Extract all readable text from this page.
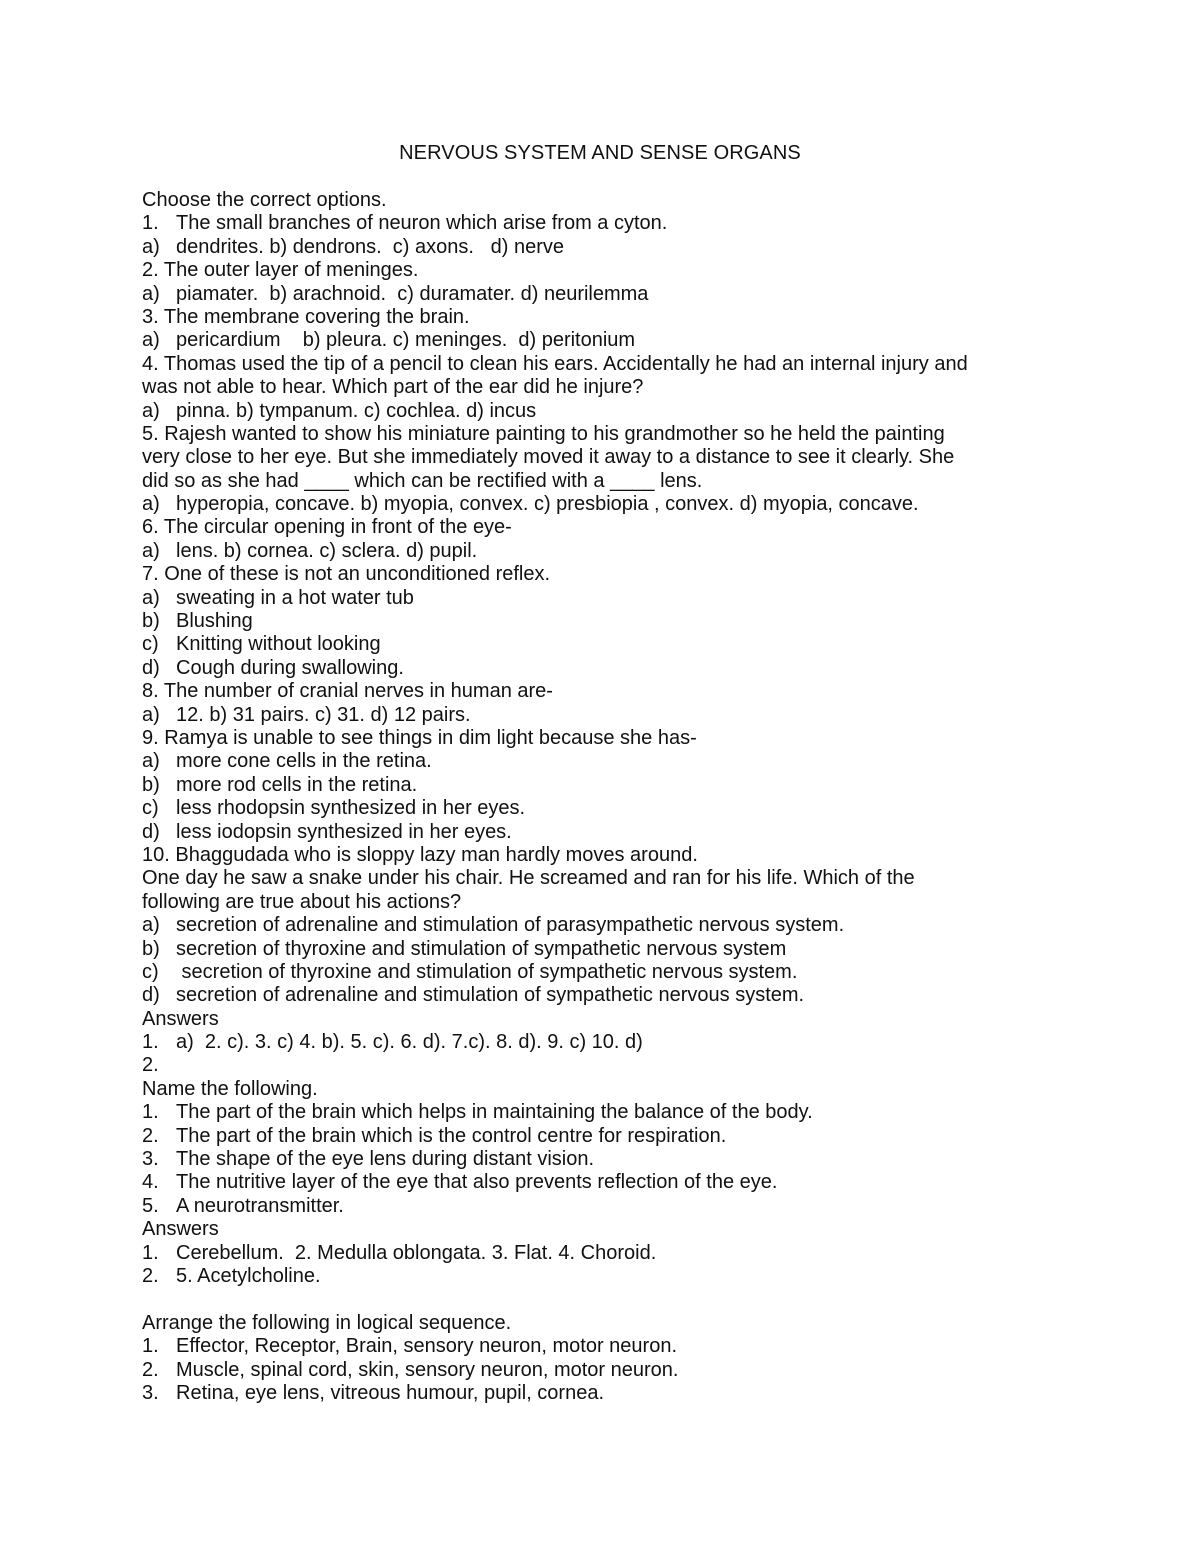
NERVOUS SYSTEM AND SENSE ORGANS
Choose the correct options.
1. The small branches of neuron which arise from a cyton.
a) dendrites. b) dendrons.  c) axons.   d) nerve
2. The outer layer of meninges.
a) piamater.  b) arachnoid.  c) duramater. d) neurilemma
3. The membrane covering the brain.
a) pericardium    b) pleura. c) meninges.  d) peritonium
4. Thomas used the tip of a pencil to clean his ears. Accidentally he had an internal injury and
was not able to hear. Which part of the ear did he injure?
a) pinna. b) tympanum. c) cochlea. d) incus
5. Rajesh wanted to show his miniature painting to his grandmother so he held the painting
very close to her eye. But she immediately moved it away to a distance to see it clearly. She
did so as she had ____ which can be rectified with a ____ lens.
a) hyperopia, concave. b) myopia, convex. c) presbiopia , convex. d) myopia, concave.
6. The circular opening in front of the eye-
a) lens. b) cornea. c) sclera. d) pupil.
7. One of these is not an unconditioned reflex.
a) sweating in a hot water tub
b) Blushing
c) Knitting without looking
d) Cough during swallowing.
8. The number of cranial nerves in human are-
a) 12. b) 31 pairs. c) 31. d) 12 pairs.
9. Ramya is unable to see things in dim light because she has-
a) more cone cells in the retina.
b) more rod cells in the retina.
c) less rhodopsin synthesized in her eyes.
d) less iodopsin synthesized in her eyes.
10. Bhaggudada who is sloppy lazy man hardly moves around.
One day he saw a snake under his chair. He screamed and ran for his life. Which of the
following are true about his actions?
a) secretion of adrenaline and stimulation of parasympathetic nervous system.
b) secretion of thyroxine and stimulation of sympathetic nervous system
c) secretion of thyroxine and stimulation of sympathetic nervous system.
d) secretion of adrenaline and stimulation of sympathetic nervous system.
Answers
1. a)  2. c). 3. c) 4. b). 5. c). 6. d). 7.c). 8. d). 9. c) 10. d)
2.
Name the following.
1. The part of the brain which helps in maintaining the balance of the body.
2. The part of the brain which is the control centre for respiration.
3. The shape of the eye lens during distant vision.
4. The nutritive layer of the eye that also prevents reflection of the eye.
5. A neurotransmitter.
Answers
1. Cerebellum.  2. Medulla oblongata. 3. Flat. 4. Choroid.
2. 5. Acetylcholine.
Arrange the following in logical sequence.
1. Effector, Receptor, Brain, sensory neuron, motor neuron.
2. Muscle, spinal cord, skin, sensory neuron, motor neuron.
3. Retina, eye lens, vitreous humour, pupil, cornea.
